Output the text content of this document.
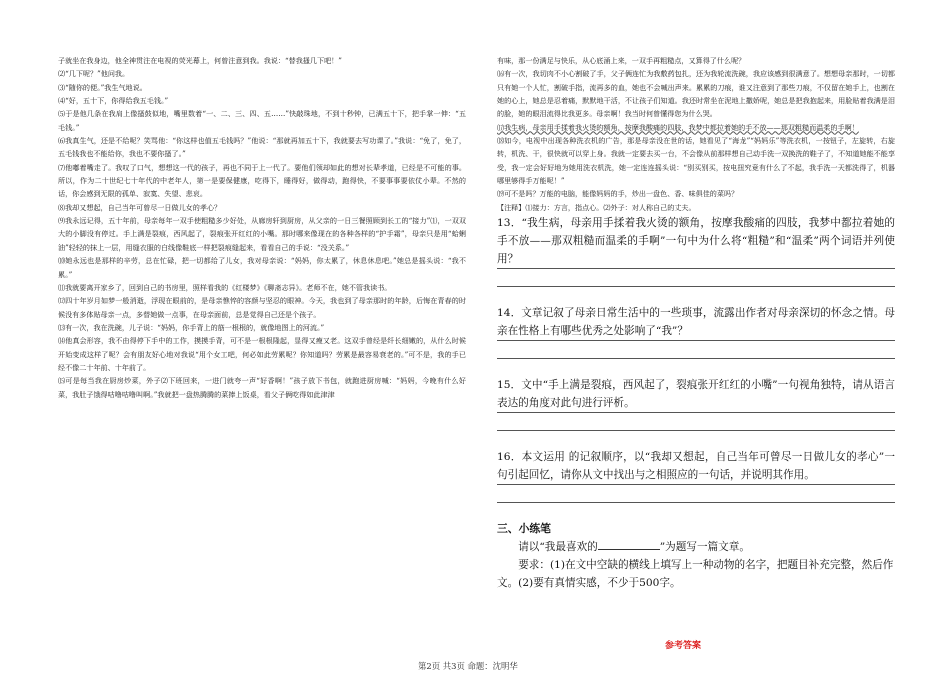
子就坐在我身边，他全神贯注在电视的荧光幕上，何曾注意到我。我说：“替我搔几下吧！”

⑵“几下呢？”他问我。

⑶“随你的便。”我生气地说。

⑷“好，五十下，你得给我五毛钱。”

⑸于是他几条在我肩上像搔鼓似地，嘴里数着“一、二、三、四、五……”快敲珠地，不到十秒钟，已满五十下，把手掌一伸：“五毛钱。”

⑹我真生气，还是不给呢？笑骂他：“你这样也值五毛钱吗？”他说：“那就再加五十下，我就要去写功课了。”我说：“免了，免了，五毛钱我也不能给你，我也不要你搔了。”

⑺他嘟着嘴走了。我叹了口气，想想这一代的孩子，再也不同于上一代了。要他们领却如此的想对长辈孝道，已经是不可能的事。所以，作为二十世纪七十年代的中老年人，第一是要保健康，吃得下，睡得好，做得动，跑得快，不要事事要依仗小辈。不然的话，你会感到无限的孤单、寂寞、失望、悲哀。

⑻我却又想起，自己当年可曾尽一日做儿女的孝心？

⑼我永远记得，五十年前，母亲每年一双手使粗糙多少好处，从廊房轩到厨房，从父亲的一日三餐照顾到长工的“接力”⑴，一双双大的小脚没有停过。手上满是裂痕，西风起了，裂痕张开红红的小嘴。那时哪来像现在的各种各样的“护手霜”，母亲只是用“蛤蜊油”轻轻的抹上一层，用缝衣服的白线像鞋底一样把裂痕缝起来，看看自己的手说：“没关系。”

⑽她永远也是那样的辛劳，总在忙碌，把一切都给了儿女，我对母亲说：“妈妈，你太累了，休息休息吧。”她总是摇头说：“我不累。”

⑾我就要离开家乡了，回到自己的书房里，照样看我的《红楼梦》《聊斋志异》。老师不在，她不管我读书。

⑿四十年岁月如梦一般消逝，浮现在眼前的，是母亲憔悴的容颜与坚忍的眼神。今天，我也到了母亲那时的年龄，后悔在青春的时候没有多体贴母亲一点，多替她做一点事，在母亲面前，总是觉得自己还是个孩子。

⒀有一次，我在洗碗，儿子说：“妈妈，你手背上的筋一根根的，就像地图上的河流。”

⒁他真会形容，我不由得停下手中的工作，摸摸手背，可不是一根根隆起，显得又瘦又老。这双手曾经是纤长细嫩的，从什么时候开始变成这样了呢？会有朋友好心地对我说“用个女工吧，何必如此劳累呢？你知道吗？劳累是最容易衰老的。”可不是，我的手已经不像二十年前、十年前了。

⒂可是每当我在厨房炒菜，外子⑵下班回来，一进门就夸一声“好香啊！”孩子放下书包，就跑进厨房喊：“妈妈，今晚有什么好菜，我肚子饿得咕噜咕噜叫啊。”我就把一盘热腾腾的菜捧上饭桌，看父子俩吃得如此津津

有味，那一份满足与快乐，从心底涌上来，一双手再粗糙点，又算得了什么呢？

⒃有一次，我切肉不小心割破了手，父子俩连忙为我敷药包扎，还为我轮流洗碗，我应该感到很满意了。想想母亲那时，一切都只有她一个人忙，割破手指，流再多的血，她也不会喊出声来。累累的刀痕，谁又注意到了那些刀痕，不仅留在她手上，也割在她的心上，她总是忍着痛，默默地干活，不让孩子们知道。我还时常坐在泥地上撒娇呢，她总是把我抱起来，用脸贴着我满是泪的脸，她的眼泪流得比我更多。母亲啊！我当时何曾懂得您为什么哭。

⒄我生病，母亲用手揉着我火烫的额角，按摩我酸痛的四肢，我梦中都拉着她的手不放——那双粗糙而温柔的手啊！

⒅如今，电视中出现各种洗衣机的广告，那是母亲没在世的话，她看见了“海龙”“妈妈乐”等洗衣机，一按钮子，左旋转，右旋转，机洗、干，很快就可以穿上身。我就一定要去买一台，不会像从前那样想自己动手洗一双换洗的鞋子了，不知道她能不能享受，我一定会好好地为她用洗衣机洗，她一定连连摇头说：“别买别买，按电扭究竟有什么了不起，我手洗一天都洗得了，机器哪里够得手万能呢！”

⒆可不是吗？万能的电脑，能像妈妈的手，炒出一盘色、香、味俱佳的菜吗？

【注释】⑴接力：方言，指点心。⑵外子：对人称自己的丈夫。

13．“我生病，母亲用手揉着我火烫的额角，按摩我酸痛的四肢，我梦中都拉着她的手不放——那双粗糙而温柔的手啊”一句中为什么将“粗糙”和“温柔”两个词语并列使用？

14．文章记叙了母亲日常生活中的一些琐事，流露出作者对母亲深切的怀念之情。母亲在性格上有哪些优秀之处影响了“我”？

15．文中“手上满是裂痕，西风起了，裂痕张开红红的小嘴”一句视角独特，请从语言表达的角度对此句进行评析。

16．本文运用 的记叙顺序，以“我却又想起，自己当年可曾尽一日做儿女的孝心”一句引起回忆，请你从文中找出与之相照应的一句话，并说明其作用。

三、小练笔

请以“我最喜欢的	”为题写一篇文章。

要求：(1)在文中空缺的横线上填写上一种动物的名字，把题目补充完整，然后作文。(2)要有真情实感，不少于500字。

参考答案
第2页 共3页 命题：沈明华
